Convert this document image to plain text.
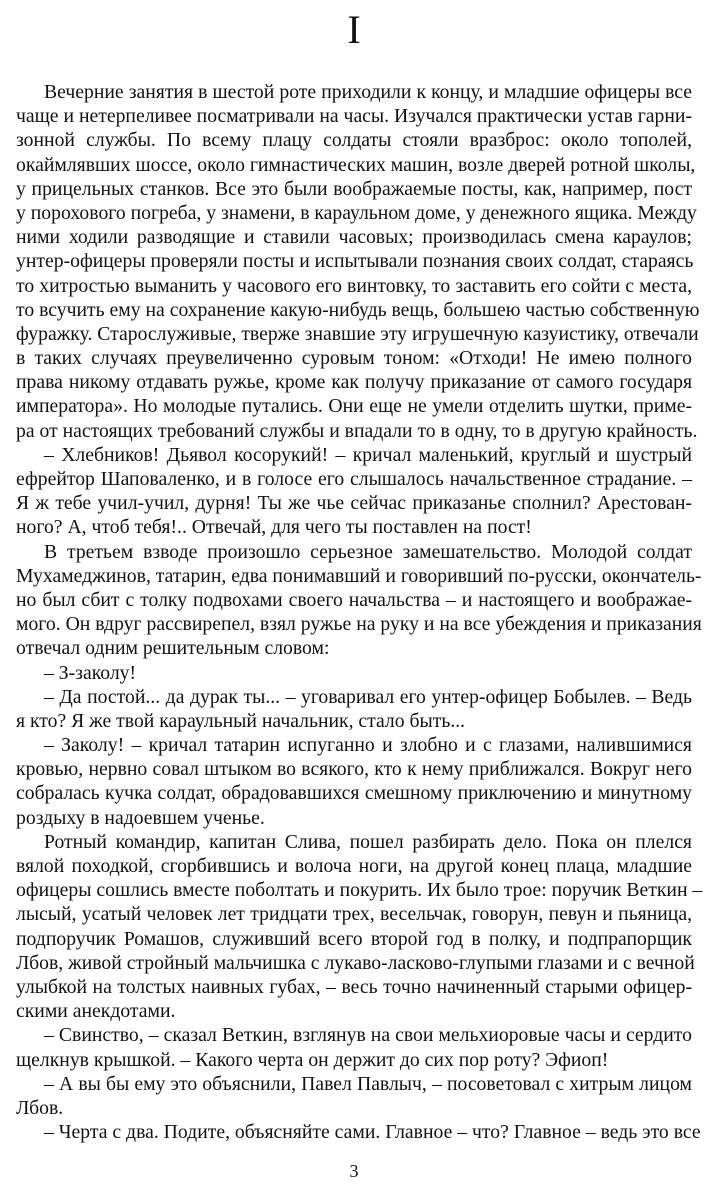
I
Вечерние занятия в шестой роте приходили к концу, и младшие офицеры все
чаще и нетерпеливее посматривали на часы. Изучался практически устав гарни-
зонной службы. По всему плацу солдаты стояли вразброс: около тополей,
окаймлявших шоссе, около гимнастических машин, возле дверей ротной школы,
у прицельных станков. Все это были воображаемые посты, как, например, пост
у порохового погреба, у знамени, в караульном доме, у денежного ящика. Между
ними ходили разводящие и ставили часовых; производилась смена караулов;
унтер-офицеры проверяли посты и испытывали познания своих солдат, стараясь
то хитростью выманить у часового его винтовку, то заставить его сойти с места,
то всучить ему на сохранение какую-нибудь вещь, большею частью собственную
фуражку. Старослуживые, тверже знавшие эту игрушечную казуистику, отвечали
в таких случаях преувеличенно суровым тоном: «Отходи! Не имею полного
права никому отдавать ружье, кроме как получу приказание от самого государя
императора». Но молодые путались. Они еще не умели отделить шутки, приме-
ра от настоящих требований службы и впадали то в одну, то в другую крайность.
– Хлебников! Дьявол косорукий! – кричал маленький, круглый и шустрый
ефрейтор Шаповаленко, и в голосе его слышалось начальственное страдание. –
Я ж тебе учил-учил, дурня! Ты же чье сейчас приказанье сполнил? Арестован-
ного? А, чтоб тебя!.. Отвечай, для чего ты поставлен на пост!
В третьем взводе произошло серьезное замешательство. Молодой солдат
Мухамеджинов, татарин, едва понимавший и говоривший по-русски, окончатель-
но был сбит с толку подвохами своего начальства – и настоящего и воображае-
мого. Он вдруг рассвирепел, взял ружье на руку и на все убеждения и приказания
отвечал одним решительным словом:
– З-заколу!
– Да постой... да дурак ты... – уговаривал его унтер-офицер Бобылев. – Ведь
я кто? Я же твой караульный начальник, стало быть...
– Заколу! – кричал татарин испуганно и злобно и с глазами, налившимися
кровью, нервно совал штыком во всякого, кто к нему приближался. Вокруг него
собралась кучка солдат, обрадовавшихся смешному приключению и минутному
роздыху в надоевшем ученье.
Ротный командир, капитан Слива, пошел разбирать дело. Пока он плелся
вялой походкой, сгорбившись и волоча ноги, на другой конец плаца, младшие
офицеры сошлись вместе поболтать и покурить. Их было трое: поручик Веткин –
лысый, усатый человек лет тридцати трех, весельчак, говорун, певун и пьяница,
подпоручик Ромашов, служивший всего второй год в полку, и подпрапорщик
Лбов, живой стройный мальчишка с лукаво-ласково-глупыми глазами и с вечной
улыбкой на толстых наивных губах, – весь точно начиненный старыми офицер-
скими анекдотами.
– Свинство, – сказал Веткин, взглянув на свои мельхиоровые часы и сердито
щелкнув крышкой. – Какого черта он держит до сих пор роту? Эфиоп!
– А вы бы ему это объяснили, Павел Павлыч, – посоветовал с хитрым лицом
Лбов.
– Черта с два. Подите, объясняйте сами. Главное – что? Главное – ведь это все
3
